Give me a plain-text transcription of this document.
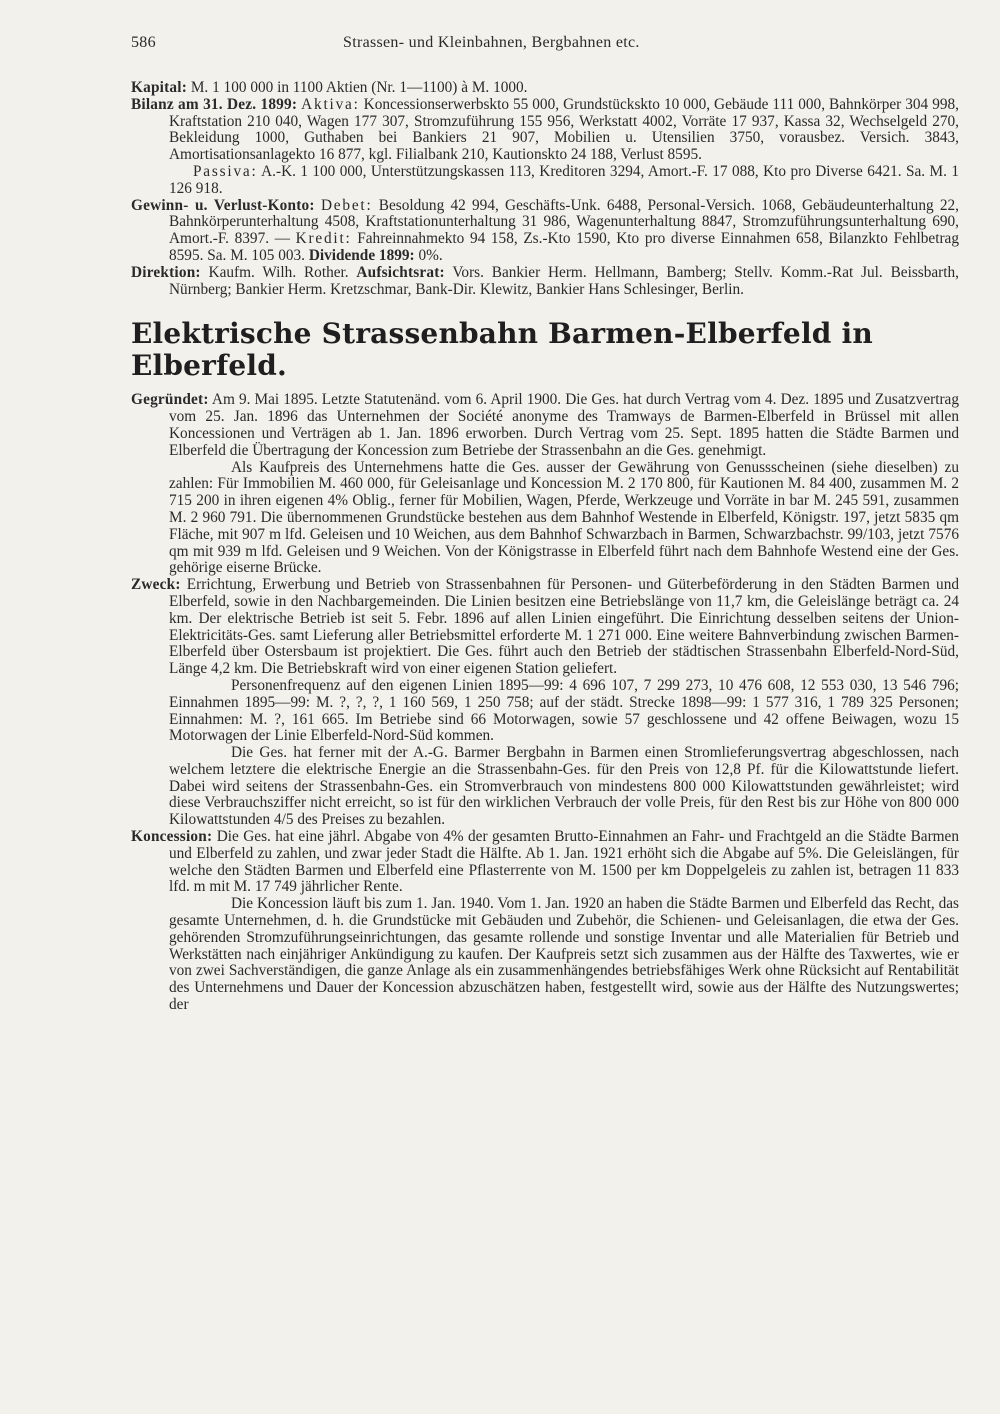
586	Strassen- und Kleinbahnen, Bergbahnen etc.

Kapital: M. 1 100 000 in 1100 Aktien (Nr. 1—1100) à M. 1000.

Bilanz am 31. Dez. 1899: Aktiva: Koncessionserwerbskto 55 000, Grundstückskto 10 000, Gebäude 111 000, Bahnkörper 304 998, Kraftstation 210 040, Wagen 177 307, Stromzuführung 155 956, Werkstatt 4002, Vorräte 17 937, Kassa 32, Wechselgeld 270, Bekleidung 1000, Guthaben bei Bankiers 21 907, Mobilien u. Utensilien 3750, vorausbez. Versich. 3843, Amortisationsanlagekto 16 877, kgl. Filialbank 210, Kautionskto 24 188, Verlust 8595.

Passiva: A.-K. 1 100 000, Unterstützungskassen 113, Kreditoren 3294, Amort.-F. 17 088, Kto pro Diverse 6421. Sa. M. 1 126 918.

Gewinn- u. Verlust-Konto: Debet: Besoldung 42 994, Geschäfts-Unk. 6488, Personal-Versich. 1068, Gebäudeunterhaltung 22, Bahnkörperunterhaltung 4508, Kraftstationunterhaltung 31 986, Wagenunterhaltung 8847, Stromzuführungsunterhaltung 690, Amort.-F. 8397. — Kredit: Fahreinnahmekto 94 158, Zs.-Kto 1590, Kto pro diverse Einnahmen 658, Bilanzkto Fehlbetrag 8595. Sa. M. 105 003. Dividende 1899: 0%.

Direktion: Kaufm. Wilh. Rother. Aufsichtsrat: Vors. Bankier Herm. Hellmann, Bamberg; Stellv. Komm.-Rat Jul. Beissbarth, Nürnberg; Bankier Herm. Kretzschmar, Bank-Dir. Klewitz, Bankier Hans Schlesinger, Berlin.

Elektrische Strassenbahn Barmen-Elberfeld in Elberfeld.

Gegründet: Am 9. Mai 1895. Letzte Statutenänd. vom 6. April 1900. Die Ges. hat durch Vertrag vom 4. Dez. 1895 und Zusatzvertrag vom 25. Jan. 1896 das Unternehmen der Société anonyme des Tramways de Barmen-Elberfeld in Brüssel mit allen Koncessionen und Verträgen ab 1. Jan. 1896 erworben. Durch Vertrag vom 25. Sept. 1895 hatten die Städte Barmen und Elberfeld die Übertragung der Koncession zum Betriebe der Strassenbahn an die Ges. genehmigt.

Als Kaufpreis des Unternehmens hatte die Ges. ausser der Gewährung von Genussscheinen (siehe dieselben) zu zahlen: Für Immobilien M. 460 000, für Geleisanlage und Koncession M. 2 170 800, für Kautionen M. 84 400, zusammen M. 2 715 200 in ihren eigenen 4% Oblig., ferner für Mobilien, Wagen, Pferde, Werkzeuge und Vorräte in bar M. 245 591, zusammen M. 2 960 791. Die übernommenen Grundstücke bestehen aus dem Bahnhof Westende in Elberfeld, Königstr. 197, jetzt 5835 qm Fläche, mit 907 m lfd. Geleisen und 10 Weichen, aus dem Bahnhof Schwarzbach in Barmen, Schwarzbachstr. 99/103, jetzt 7576 qm mit 939 m lfd. Geleisen und 9 Weichen. Von der Königstrasse in Elberfeld führt nach dem Bahnhofe Westend eine der Ges. gehörige eiserne Brücke.

Zweck: Errichtung, Erwerbung und Betrieb von Strassenbahnen für Personen- und Güterbeförderung in den Städten Barmen und Elberfeld, sowie in den Nachbargemeinden. Die Linien besitzen eine Betriebslänge von 11,7 km, die Geleislänge beträgt ca. 24 km. Der elektrische Betrieb ist seit 5. Febr. 1896 auf allen Linien eingeführt. Die Einrichtung desselben seitens der Union-Elektricitäts-Ges. samt Lieferung aller Betriebsmittel erforderte M. 1 271 000. Eine weitere Bahnverbindung zwischen Barmen-Elberfeld über Ostersbaum ist projektiert. Die Ges. führt auch den Betrieb der städtischen Strassenbahn Elberfeld-Nord-Süd, Länge 4,2 km. Die Betriebskraft wird von einer eigenen Station geliefert.

Personenfrequenz auf den eigenen Linien 1895—99: 4 696 107, 7 299 273, 10 476 608, 12 553 030, 13 546 796; Einnahmen 1895—99: M. ?, ?, ?, 1 160 569, 1 250 758; auf der städt. Strecke 1898—99: 1 577 316, 1 789 325 Personen; Einnahmen: M. ?, 161 665. Im Betriebe sind 66 Motorwagen, sowie 57 geschlossene und 42 offene Beiwagen, wozu 15 Motorwagen der Linie Elberfeld-Nord-Süd kommen.

Die Ges. hat ferner mit der A.-G. Barmer Bergbahn in Barmen einen Stromlieferungsvertrag abgeschlossen, nach welchem letztere die elektrische Energie an die Strassenbahn-Ges. für den Preis von 12,8 Pf. für die Kilowattstunde liefert. Dabei wird seitens der Strassenbahn-Ges. ein Stromverbrauch von mindestens 800 000 Kilowattstunden gewährleistet; wird diese Verbrauchsziffer nicht erreicht, so ist für den wirklichen Verbrauch der volle Preis, für den Rest bis zur Höhe von 800 000 Kilowattstunden 4/5 des Preises zu bezahlen.

Koncession: Die Ges. hat eine jährl. Abgabe von 4% der gesamten Brutto-Einnahmen an Fahr- und Frachtgeld an die Städte Barmen und Elberfeld zu zahlen, und zwar jeder Stadt die Hälfte. Ab 1. Jan. 1921 erhöht sich die Abgabe auf 5%. Die Geleislängen, für welche den Städten Barmen und Elberfeld eine Pflasterrente von M. 1500 per km Doppelgeleis zu zahlen ist, betragen 11 833 lfd. m mit M. 17 749 jährlicher Rente.

Die Koncession läuft bis zum 1. Jan. 1940. Vom 1. Jan. 1920 an haben die Städte Barmen und Elberfeld das Recht, das gesamte Unternehmen, d. h. die Grundstücke mit Gebäuden und Zubehör, die Schienen- und Geleisanlagen, die etwa der Ges. gehörenden Stromzuführungseinrichtungen, das gesamte rollende und sonstige Inventar und alle Materialien für Betrieb und Werkstätten nach einjähriger Ankündigung zu kaufen. Der Kaufpreis setzt sich zusammen aus der Hälfte des Taxwertes, wie er von zwei Sachverständigen, die ganze Anlage als ein zusammenhängendes betriebsfähiges Werk ohne Rücksicht auf Rentabilität des Unternehmens und Dauer der Koncession abzuschätzen haben, festgestellt wird, sowie aus der Hälfte des Nutzungswertes; der
